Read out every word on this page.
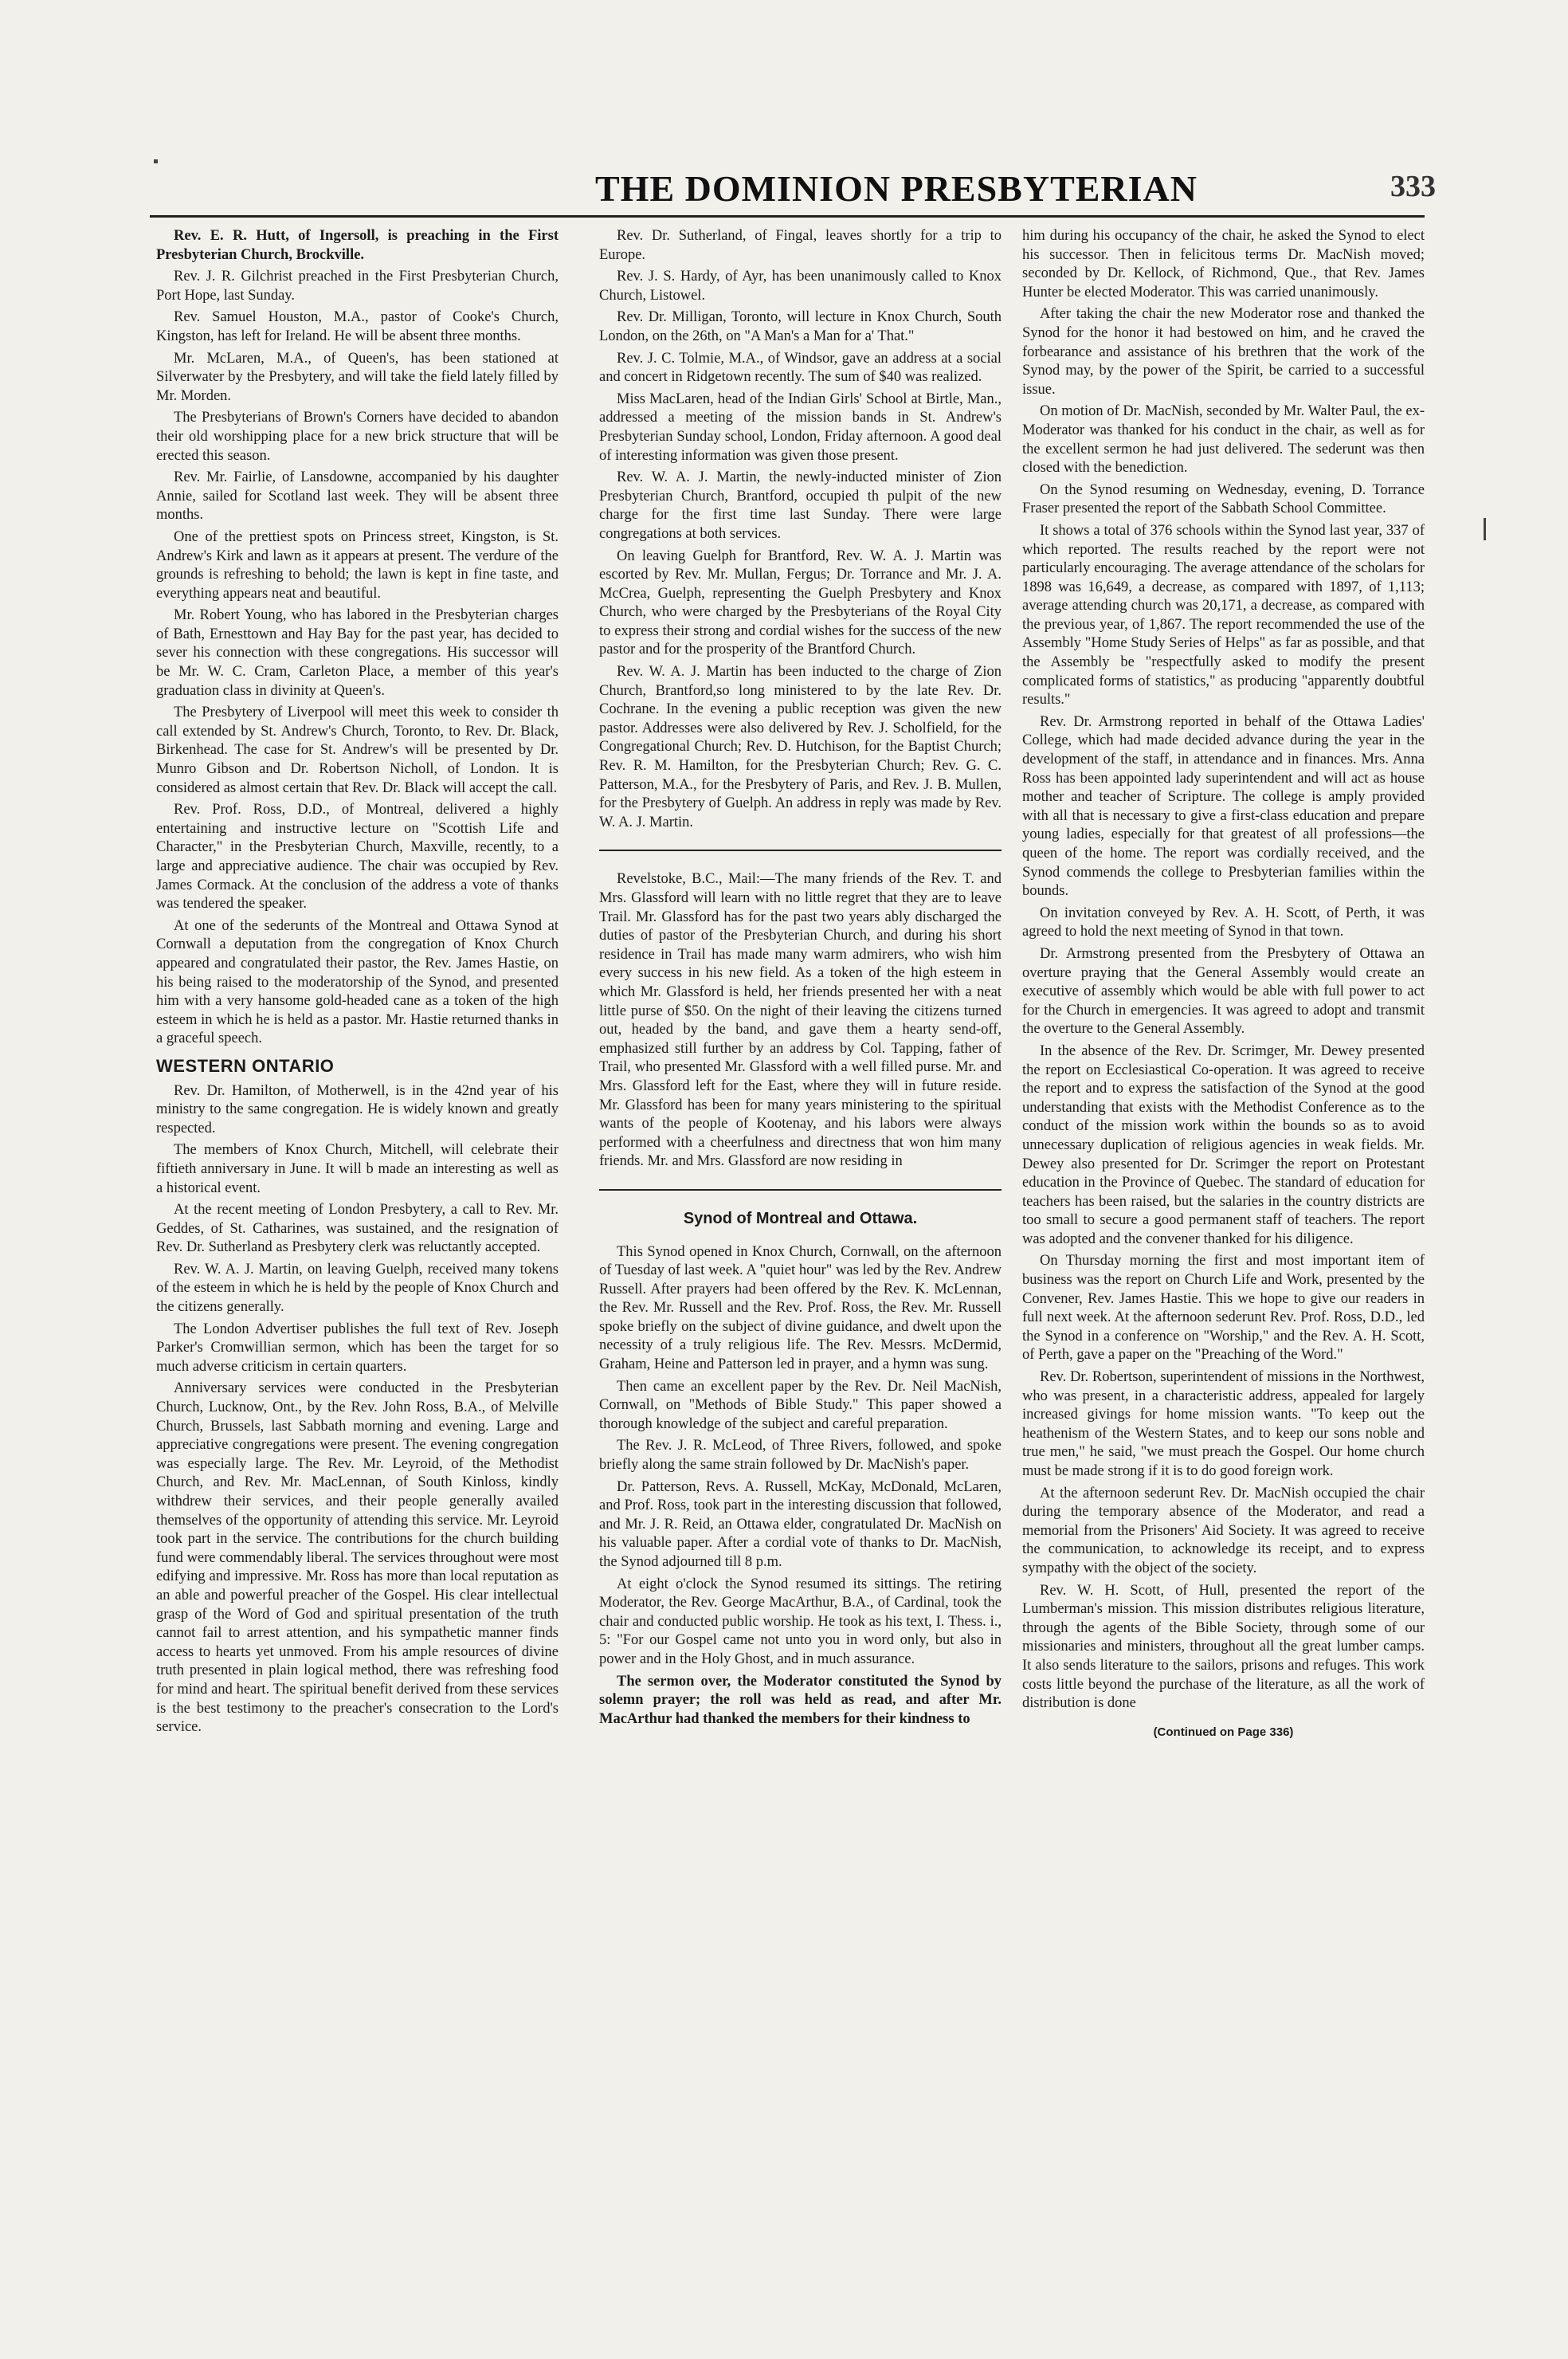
THE DOMINION PRESBYTERIAN	333

Rev. E. R. Hutt, of Ingersoll, is preaching in the First Presbyterian Church, Brockville.

Rev. J. R. Gilchrist preached in the First Presbyterian Church, Port Hope, last Sunday.

Rev. Samuel Houston, M.A., pastor of Cooke's Church, Kingston, has left for Ireland. He will be absent three months.

Mr. McLaren, M.A., of Queen's, has been stationed at Silverwater by the Presbytery, and will take the field lately filled by Mr. Morden.

The Presbyterians of Brown's Corners have decided to abandon their old worshipping place for a new brick structure that will be erected this season.

Rev. Mr. Fairlie, of Lansdowne, accompanied by his daughter Annie, sailed for Scotland last week. They will be absent three months.

One of the prettiest spots on Princess street, Kingston, is St. Andrew's Kirk and lawn as it appears at present. The verdure of the grounds is refreshing to behold; the lawn is kept in fine taste, and everything appears neat and beautiful.

Mr. Robert Young, who has labored in the Presbyterian charges of Bath, Ernesttown and Hay Bay for the past year, has decided to sever his connection with these congregations. His successor will be Mr. W. C. Cram, Carleton Place, a member of this year's graduation class in divinity at Queen's.

The Presbytery of Liverpool will meet this week to consider th call extended by St. Andrew's Church, Toronto, to Rev. Dr. Black, Birkenhead. The case for St. Andrew's will be presented by Dr. Munro Gibson and Dr. Robertson Nicholl, of London. It is considered as almost certain that Rev. Dr. Black will accept the call.

Rev. Prof. Ross, D.D., of Montreal, delivered a highly entertaining and instructive lecture on "Scottish Life and Character," in the Presbyterian Church, Maxville, recently, to a large and appreciative audience. The chair was occupied by Rev. James Cormack. At the conclusion of the address a vote of thanks was tendered the speaker.

At one of the sederunts of the Montreal and Ottawa Synod at Cornwall a deputation from the congregation of Knox Church appeared and congratulated their pastor, the Rev. James Hastie, on his being raised to the moderatorship of the Synod, and presented him with a very hansome gold-headed cane as a token of the high esteem in which he is held as a pastor. Mr. Hastie returned thanks in a graceful speech.

WESTERN ONTARIO

Rev. Dr. Hamilton, of Motherwell, is in the 42nd year of his ministry to the same congregation. He is widely known and greatly respected.

The members of Knox Church, Mitchell, will celebrate their fiftieth anniversary in June. It will b made an interesting as well as a historical event.

At the recent meeting of London Presbytery, a call to Rev. Mr. Geddes, of St. Catharines, was sustained, and the resignation of Rev. Dr. Sutherland as Presbytery clerk was reluctantly accepted.

Rev. W. A. J. Martin, on leaving Guelph, received many tokens of the esteem in which he is held by the people of Knox Church and the citizens generally.

The London Advertiser publishes the full text of Rev. Joseph Parker's Cromwillian sermon, which has been the target for so much adverse criticism in certain quarters.

Anniversary services were conducted in the Presbyterian Church, Lucknow, Ont., by the Rev. John Ross, B.A., of Melville Church, Brussels, last Sabbath morning and evening. Large and appreciative congregations were present. The evening congregation was especially large. The Rev. Mr. Leyroid, of the Methodist Church, and Rev. Mr. MacLennan, of South Kinloss, kindly withdrew their services, and their people generally availed themselves of the opportunity of attending this service. Mr. Leyroid took part in the service. The contributions for the church building fund were commendably liberal. The services throughout were most edifying and impressive. Mr. Ross has more than local reputation as an able and powerful preacher of the Gospel. His clear intellectual grasp of the Word of God and spiritual presentation of the truth cannot fail to arrest attention, and his sympathetic manner finds access to hearts yet unmoved. From his ample resources of divine truth presented in plain logical method, there was refreshing food for mind and heart. The spiritual benefit derived from these services is the best testimony to the preacher's consecration to the Lord's service.

Rev. Dr. Sutherland, of Fingal, leaves shortly for a trip to Europe.

Rev. J. S. Hardy, of Ayr, has been unanimously called to Knox Church, Listowel.

Rev. Dr. Milligan, Toronto, will lecture in Knox Church, South London, on the 26th, on "A Man's a Man for a' That."

Rev. J. C. Tolmie, M.A., of Windsor, gave an address at a social and concert in Ridgetown recently. The sum of $40 was realized.

Miss MacLaren, head of the Indian Girls' School at Birtle, Man., addressed a meeting of the mission bands in St. Andrew's Presbyterian Sunday school, London, Friday afternoon. A good deal of interesting information was given those present.

Rev. W. A. J. Martin, the newly-inducted minister of Zion Presbyterian Church, Brantford, occupied th pulpit of the new charge for the first time last Sunday. There were large congregations at both services.

On leaving Guelph for Brantford, Rev. W. A. J. Martin was escorted by Rev. Mr. Mullan, Fergus; Dr. Torrance and Mr. J. A. McCrea, Guelph, representing the Guelph Presbytery and Knox Church, who were charged by the Presbyterians of the Royal City to express their strong and cordial wishes for the success of the new pastor and for the prosperity of the Brantford Church.

Rev. W. A. J. Martin has been inducted to the charge of Zion Church, Brantford,so long ministered to by the late Rev. Dr. Cochrane. In the evening a public reception was given the new pastor. Addresses were also delivered by Rev. J. Scholfield, for the Congregational Church; Rev. D. Hutchison, for the Baptist Church; Rev. R. M. Hamilton, for the Presbyterian Church; Rev. G. C. Patterson, M.A., for the Presbytery of Paris, and Rev. J. B. Mullen, for the Presbytery of Guelph. An address in reply was made by Rev. W. A. J. Martin.

Revelstoke, B.C., Mail:—The many friends of the Rev. T. and Mrs. Glassford will learn with no little regret that they are to leave Trail. Mr. Glassford has for the past two years ably discharged the duties of pastor of the Presbyterian Church, and during his short residence in Trail has made many warm admirers, who wish him every success in his new field. As a token of the high esteem in which Mr. Glassford is held, her friends presented her with a neat little purse of $50. On the night of their leaving the citizens turned out, headed by the band, and gave them a hearty send-off, emphasized still further by an address by Col. Tapping, father of Trail, who presented Mr. Glassford with a well filled purse. Mr. and Mrs. Glassford left for the East, where they will in future reside. Mr. Glassford has been for many years ministering to the spiritual wants of the people of Kootenay, and his labors were always performed with a cheerfulness and directness that won him many friends. Mr. and Mrs. Glassford are now residing in

Synod of Montreal and Ottawa.

This Synod opened in Knox Church, Cornwall, on the afternoon of Tuesday of last week. A "quiet hour" was led by the Rev. Andrew Russell. After prayers had been offered by the Rev. K. McLennan, the Rev. Mr. Russell and the Rev. Prof. Ross, the Rev. Mr. Russell spoke briefly on the subject of divine guidance, and dwelt upon the necessity of a truly religious life. The Rev. Messrs. McDermid, Graham, Heine and Patterson led in prayer, and a hymn was sung.

Then came an excellent paper by the Rev. Dr. Neil MacNish, Cornwall, on "Methods of Bible Study." This paper showed a thorough knowledge of the subject and careful preparation.

The Rev. J. R. McLeod, of Three Rivers, followed, and spoke briefly along the same strain followed by Dr. MacNish's paper.

Dr. Patterson, Revs. A. Russell, McKay, McDonald, McLaren, and Prof. Ross, took part in the interesting discussion that followed, and Mr. J. R. Reid, an Ottawa elder, congratulated Dr. MacNish on his valuable paper. After a cordial vote of thanks to Dr. MacNish, the Synod adjourned till 8 p.m.

At eight o'clock the Synod resumed its sittings. The retiring Moderator, the Rev. George MacArthur, B.A., of Cardinal, took the chair and conducted public worship. He took as his text, I. Thess. i., 5: "For our Gospel came not unto you in word only, but also in power and in the Holy Ghost, and in much assurance.

The sermon over, the Moderator constituted the Synod by solemn prayer; the roll was held as read, and after Mr. MacArthur had thanked the members for their kindness to

him during his occupancy of the chair, he asked the Synod to elect his successor. Then in felicitous terms Dr. MacNish moved; seconded by Dr. Kellock, of Richmond, Que., that Rev. James Hunter be elected Moderator. This was carried unanimously.

After taking the chair the new Moderator rose and thanked the Synod for the honor it had bestowed on him, and he craved the forbearance and assistance of his brethren that the work of the Synod may, by the power of the Spirit, be carried to a successful issue.

On motion of Dr. MacNish, seconded by Mr. Walter Paul, the ex-Moderator was thanked for his conduct in the chair, as well as for the excellent sermon he had just delivered. The sederunt was then closed with the benediction.

On the Synod resuming on Wednesday, evening, D. Torrance Fraser presented the report of the Sabbath School Committee.

It shows a total of 376 schools within the Synod last year, 337 of which reported. The results reached by the report were not particularly encouraging. The average attendance of the scholars for 1898 was 16,649, a decrease, as compared with 1897, of 1,113; average attending church was 20,171, a decrease, as compared with the previous year, of 1,867. The report recommended the use of the Assembly "Home Study Series of Helps" as far as possible, and that the Assembly be "respectfully asked to modify the present complicated forms of statistics," as producing "apparently doubtful results."

Rev. Dr. Armstrong reported in behalf of the Ottawa Ladies' College, which had made decided advance during the year in the development of the staff, in attendance and in finances. Mrs. Anna Ross has been appointed lady superintendent and will act as house mother and teacher of Scripture. The college is amply provided with all that is necessary to give a first-class education and prepare young ladies, especially for that greatest of all professions—the queen of the home. The report was cordially received, and the Synod commends the college to Presbyterian families within the bounds.

On invitation conveyed by Rev. A. H. Scott, of Perth, it was agreed to hold the next meeting of Synod in that town.

Dr. Armstrong presented from the Presbytery of Ottawa an overture praying that the General Assembly would create an executive of assembly which would be able with full power to act for the Church in emergencies. It was agreed to adopt and transmit the overture to the General Assembly.

In the absence of the Rev. Dr. Scrimger, Mr. Dewey presented the report on Ecclesiastical Co-operation. It was agreed to receive the report and to express the satisfaction of the Synod at the good understanding that exists with the Methodist Conference as to the conduct of the mission work within the bounds so as to avoid unnecessary duplication of religious agencies in weak fields. Mr. Dewey also presented for Dr. Scrimger the report on Protestant education in the Province of Quebec. The standard of education for teachers has been raised, but the salaries in the country districts are too small to secure a good permanent staff of teachers. The report was adopted and the convener thanked for his diligence.

On Thursday morning the first and most important item of business was the report on Church Life and Work, presented by the Convener, Rev. James Hastie. This we hope to give our readers in full next week. At the afternoon sederunt Rev. Prof. Ross, D.D., led the Synod in a conference on "Worship," and the Rev. A. H. Scott, of Perth, gave a paper on the "Preaching of the Word."

Rev. Dr. Robertson, superintendent of missions in the Northwest, who was present, in a characteristic address, appealed for largely increased givings for home mission wants. "To keep out the heathenism of the Western States, and to keep our sons noble and true men," he said, "we must preach the Gospel. Our home church must be made strong if it is to do good foreign work.

At the afternoon sederunt Rev. Dr. MacNish occupied the chair during the temporary absence of the Moderator, and read a memorial from the Prisoners' Aid Society. It was agreed to receive the communication, to acknowledge its receipt, and to express sympathy with the object of the society.

Rev. W. H. Scott, of Hull, presented the report of the Lumberman's mission. This mission distributes religious literature, through the agents of the Bible Society, through some of our missionaries and ministers, throughout all the great lumber camps. It also sends literature to the sailors, prisons and refuges. This work costs little beyond the purchase of the literature, as all the work of distribution is done

(Continued on Page 336)
